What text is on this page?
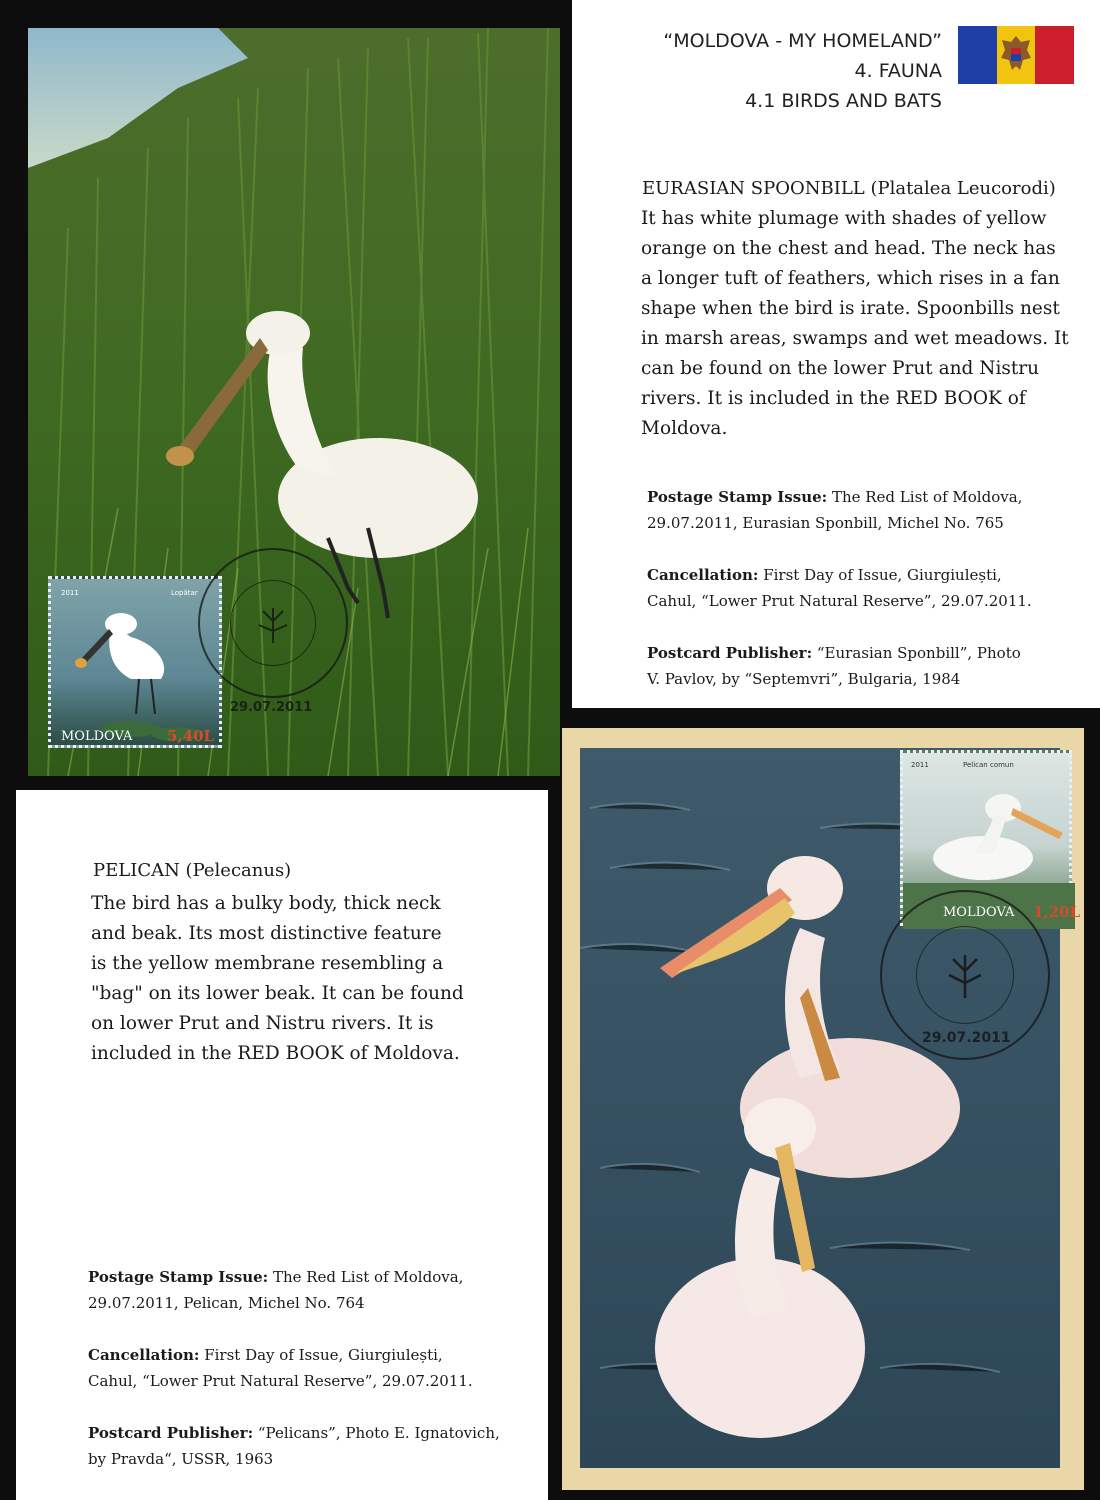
“MOLDOVA - MY HOMELAND”
4. FAUNA
4.1 BIRDS AND BATS
EURASIAN SPOONBILL (Platalea Leucorodi)
It has white plumage with shades of yellow
orange on the chest and head. The neck has
a longer tuft of feathers, which rises in a fan
shape when the bird is irate. Spoonbills nest
in marsh areas, swamps and wet meadows. It
can be found on the lower Prut and Nistru
rivers. It is included in the RED BOOK of
Moldova.
Postage Stamp Issue: The Red List of Moldova,
29.07.2011, Eurasian Sponbill, Michel No. 765
Cancellation: First Day of Issue, Giurgiulești,
Cahul, “Lower Prut Natural Reserve”, 29.07.2011.
Postcard Publisher: “Eurasian Sponbill”, Photo
V. Pavlov, by “Septemvri”, Bulgaria, 1984
2011	Lopătar
MOLDOVA 5,40L
29.07.2011
PELICAN (Pelecanus)
The bird has a bulky body, thick neck
and beak. Its most distinctive feature
is the yellow membrane resembling a
"bag" on its lower beak. It can be found
on lower Prut and Nistru rivers. It is
included in the RED BOOK of Moldova.
Postage Stamp Issue: The Red List of Moldova,
29.07.2011, Pelican, Michel No. 764
Cancellation: First Day of Issue, Giurgiulești,
Cahul, “Lower Prut Natural Reserve”, 29.07.2011.
Postcard Publisher: “Pelicans”, Photo E. Ignatovich,
by Pravda“, USSR, 1963
2011	Pelican comun
MOLDOVA 1,20L
29.07.2011
